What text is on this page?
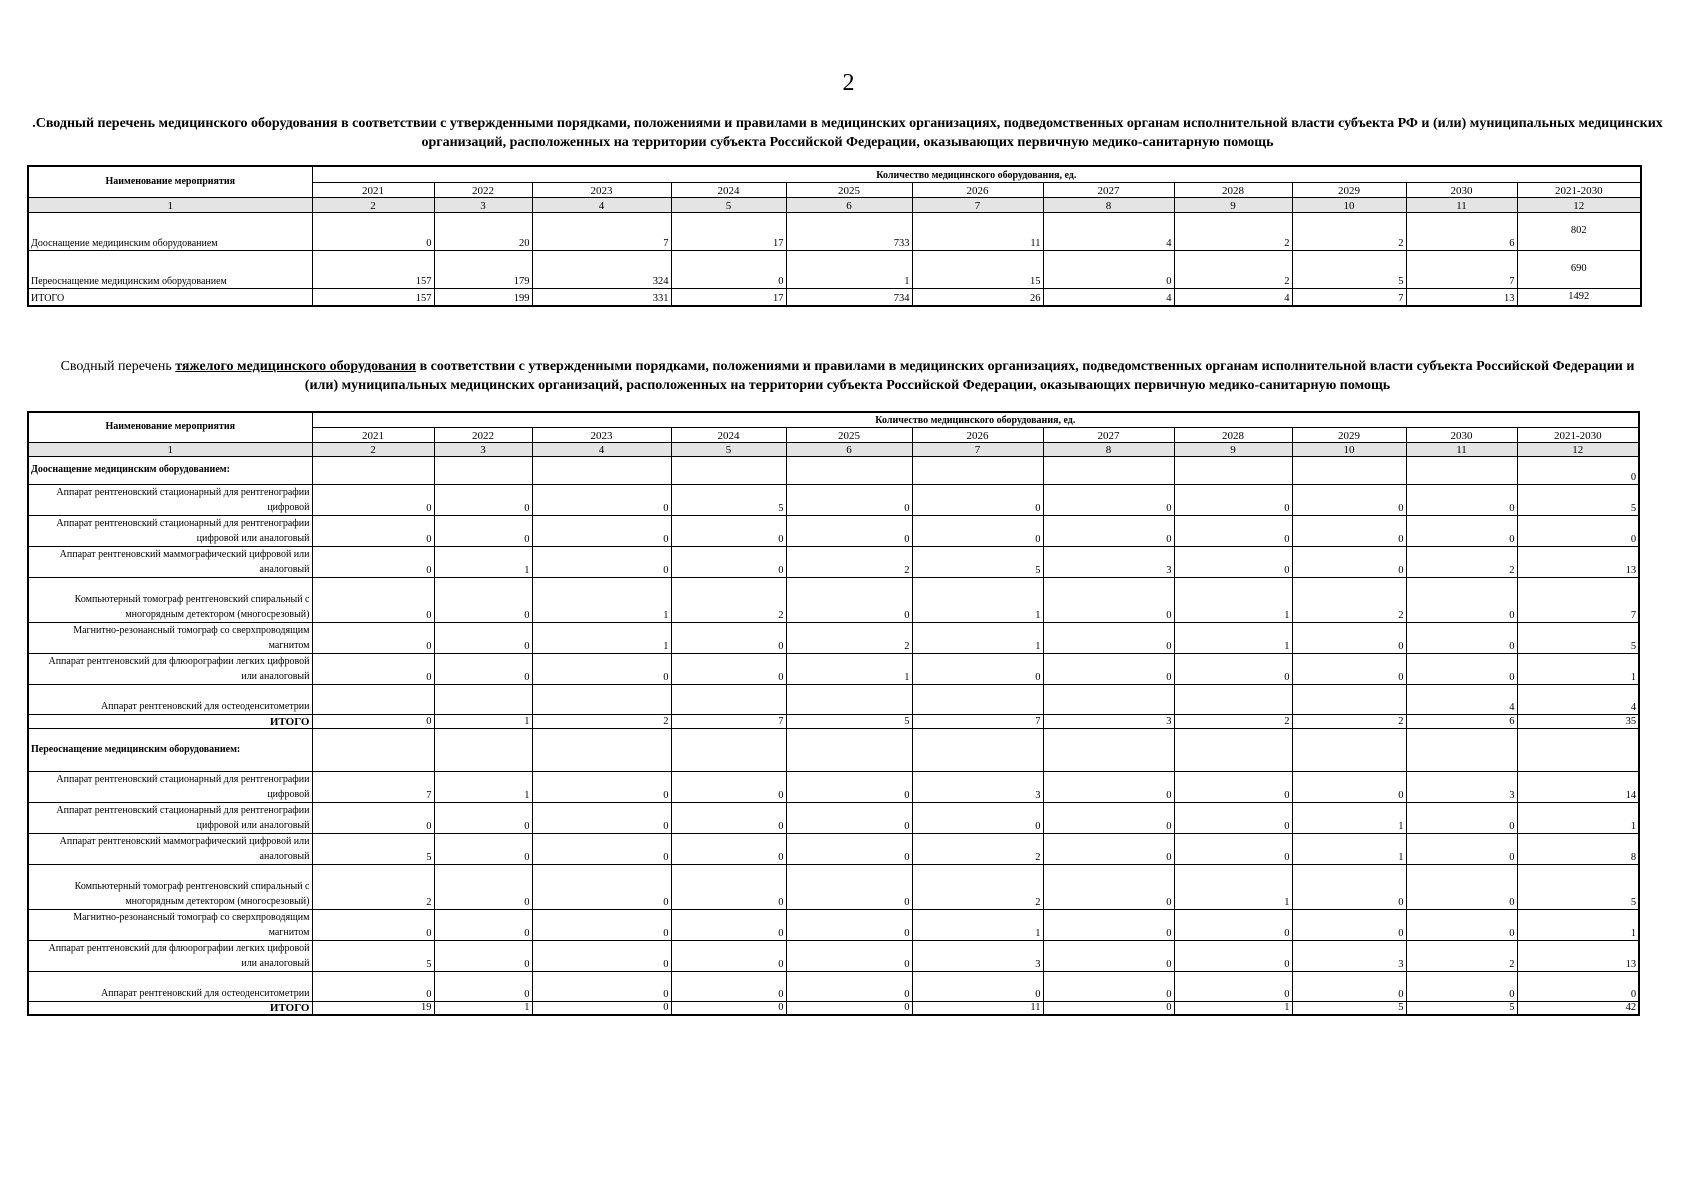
2
.Сводный перечень медицинского оборудования в соответствии с утвержденными порядками, положениями и правилами в медицинских организациях, подведомственных органам исполнительной власти субъекта РФ и (или) муниципальных медицинских организаций, расположенных на территории субъекта Российской Федерации, оказывающих первичную медико-санитарную помощь
Наименование мероприятия	Количество медицинского оборудования, ед.										
	2021	2022	2023	2024	2025	2026	2027	2028	2029	2030	2021-2030
1	2	3	4	5	6	7	8	9	10	11	12
Дооснащение медицинским оборудованием	0	20	7	17	733	11	4	2	2	6	802
Переоснащение медицинским оборудованием	157	179	324	0	1	15	0	2	5	7	690
ИТОГО	157	199	331	17	734	26	4	4	7	13	1492
Сводный перечень тяжелого медицинского оборудования в соответствии с утвержденными порядками, положениями и правилами в медицинских организациях, подведомственных органам исполнительной власти субъекта Российской Федерации и (или) муниципальных медицинских организаций, расположенных на территории субъекта Российской Федерации, оказывающих первичную медико-санитарную помощь
Наименование мероприятия	Количество медицинского оборудования, ед.										
	2021	2022	2023	2024	2025	2026	2027	2028	2029	2030	2021-2030
1	2	3	4	5	6	7	8	9	10	11	12
Дооснащение медицинским оборудованием:											0
Аппарат рентгеновский стационарный для рентгенографии цифровой	0	0	0	5	0	0	0	0	0	0	5
Аппарат рентгеновский стационарный для рентгенографии цифровой или аналоговый	0	0	0	0	0	0	0	0	0	0	0
Аппарат рентгеновский маммографический цифровой или аналоговый	0	1	0	0	2	5	3	0	0	2	13
Компьютерный томограф рентгеновский спиральный с многорядным детектором (многосрезовый)	0	0	1	2	0	1	0	1	2	0	7
Магнитно-резонансный томограф со сверхпроводящим магнитом	0	0	1	0	2	1	0	1	0	0	5
Аппарат рентгеновский для флюорографии легких цифровой или аналоговый	0	0	0	0	1	0	0	0	0	0	1
Аппарат рентгеновский для остеоденситометрии										4	4
ИТОГО	0	1	2	7	5	7	3	2	2	6	35
Переоснащение медицинским оборудованием:											
Аппарат рентгеновский стационарный для рентгенографии цифровой	7	1	0	0	0	3	0	0	0	3	14
Аппарат рентгеновский стационарный для рентгенографии цифровой или аналоговый	0	0	0	0	0	0	0	0	1	0	1
Аппарат рентгеновский маммографический цифровой или аналоговый	5	0	0	0	0	2	0	0	1	0	8
Компьютерный томограф рентгеновский спиральный с многорядным детектором (многосрезовый)	2	0	0	0	0	2	0	1	0	0	5
Магнитно-резонансный томограф со сверхпроводящим магнитом	0	0	0	0	0	1	0	0	0	0	1
Аппарат рентгеновский для флюорографии легких цифровой или аналоговый	5	0	0	0	0	3	0	0	3	2	13
Аппарат рентгеновский для остеоденситометрии	0	0	0	0	0	0	0	0	0	0	0
ИТОГО	19	1	0	0	0	11	0	1	5	5	42
